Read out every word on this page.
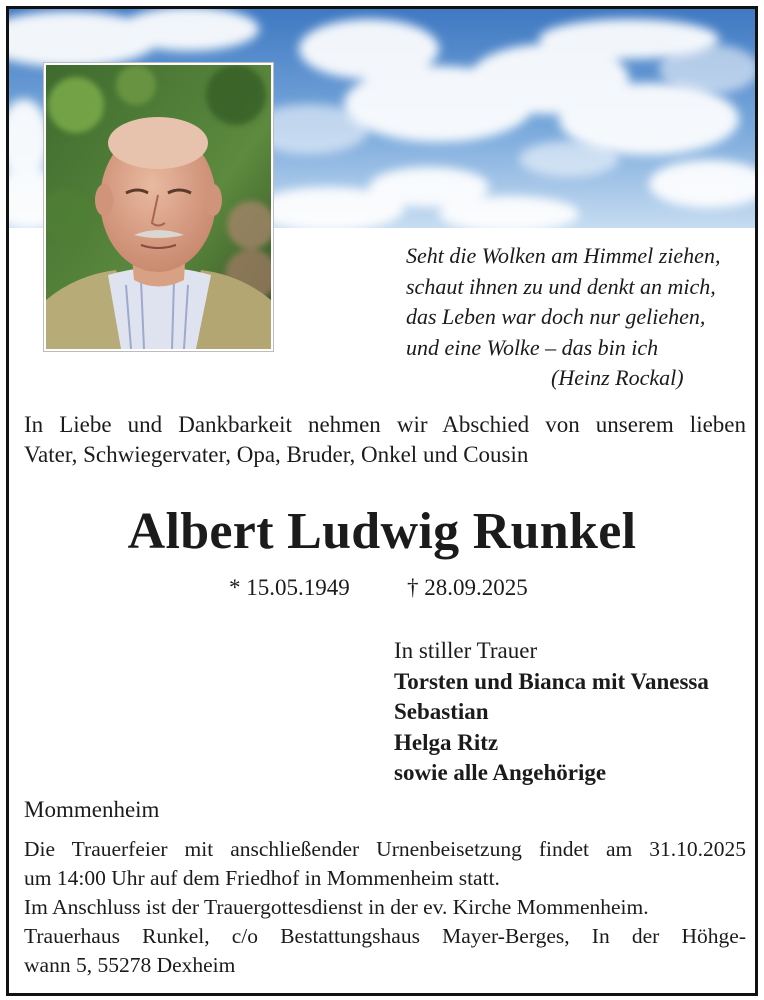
Seht die Wolken am Himmel ziehen,
schaut ihnen zu und denkt an mich,
das Leben war doch nur geliehen,
und eine Wolke – das bin ich
(Heinz Rockal)
In Liebe und Dankbarkeit nehmen wir Abschied von unserem lieben
Vater, Schwiegervater, Opa, Bruder, Onkel und Cousin
Albert Ludwig Runkel
* 15.05.1949 † 28.09.2025
In stiller Trauer
Torsten und Bianca mit Vanessa
Sebastian
Helga Ritz
sowie alle Angehörige
Mommenheim
Die Trauerfeier mit anschließender Urnenbeisetzung findet am 31.10.2025
um 14:00 Uhr auf dem Friedhof in Mommenheim statt.
Im Anschluss ist der Trauergottesdienst in der ev. Kirche Mommenheim.
Trauerhaus Runkel, c/o Bestattungshaus Mayer-Berges, In der Höhge-
wann 5, 55278 Dexheim
